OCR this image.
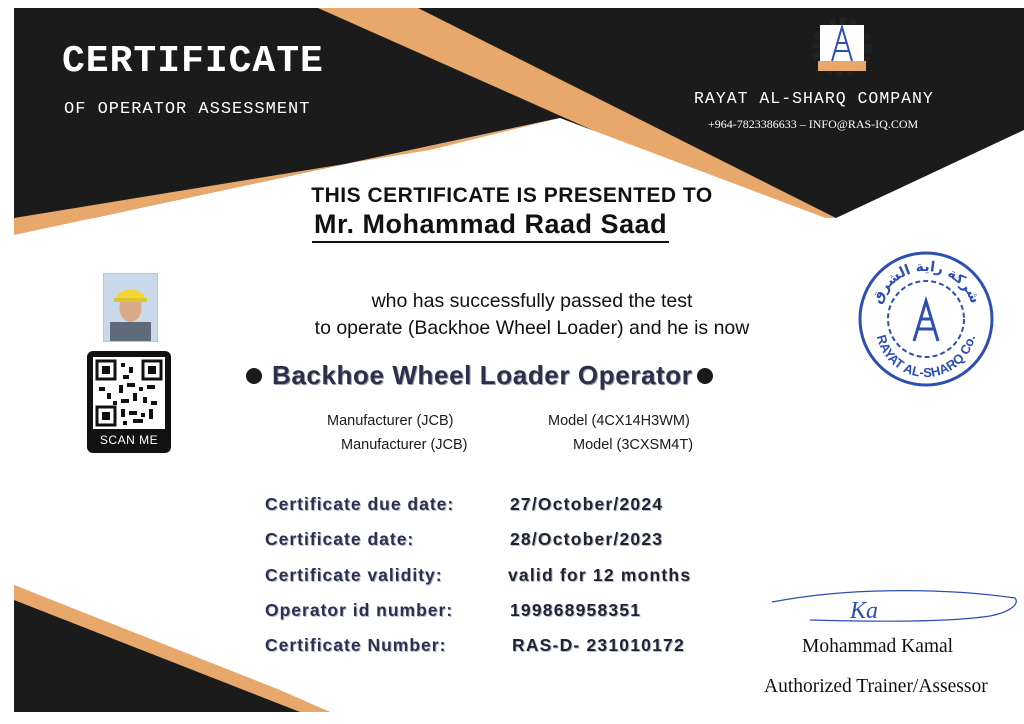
CERTIFICATE
OF OPERATOR ASSESSMENT
RAYAT AL-SHARQ COMPANY
+964-7823386633 – INFO@RAS-IQ.COM
THIS CERTIFICATE IS PRESENTED TO
Mr. Mohammad Raad Saad
SCAN ME
who has successfully passed the test
to operate (Backhoe Wheel Loader) and he is now
Backhoe Wheel Loader Operator
Manufacturer (JCB)	Model (4CX14H3WM)
Manufacturer (JCB)	Model (3CXSM4T)
Certificate due date:	27/October/2024
Certificate date:	28/October/2023
Certificate validity:	valid for 12 months
Operator id number:	199868958351
Certificate Number:	RAS-D- 231010172
شركة راية الشرق
RAYAT AL-SHARQ Co.
Ka
Mohammad Kamal
Authorized Trainer/Assessor
